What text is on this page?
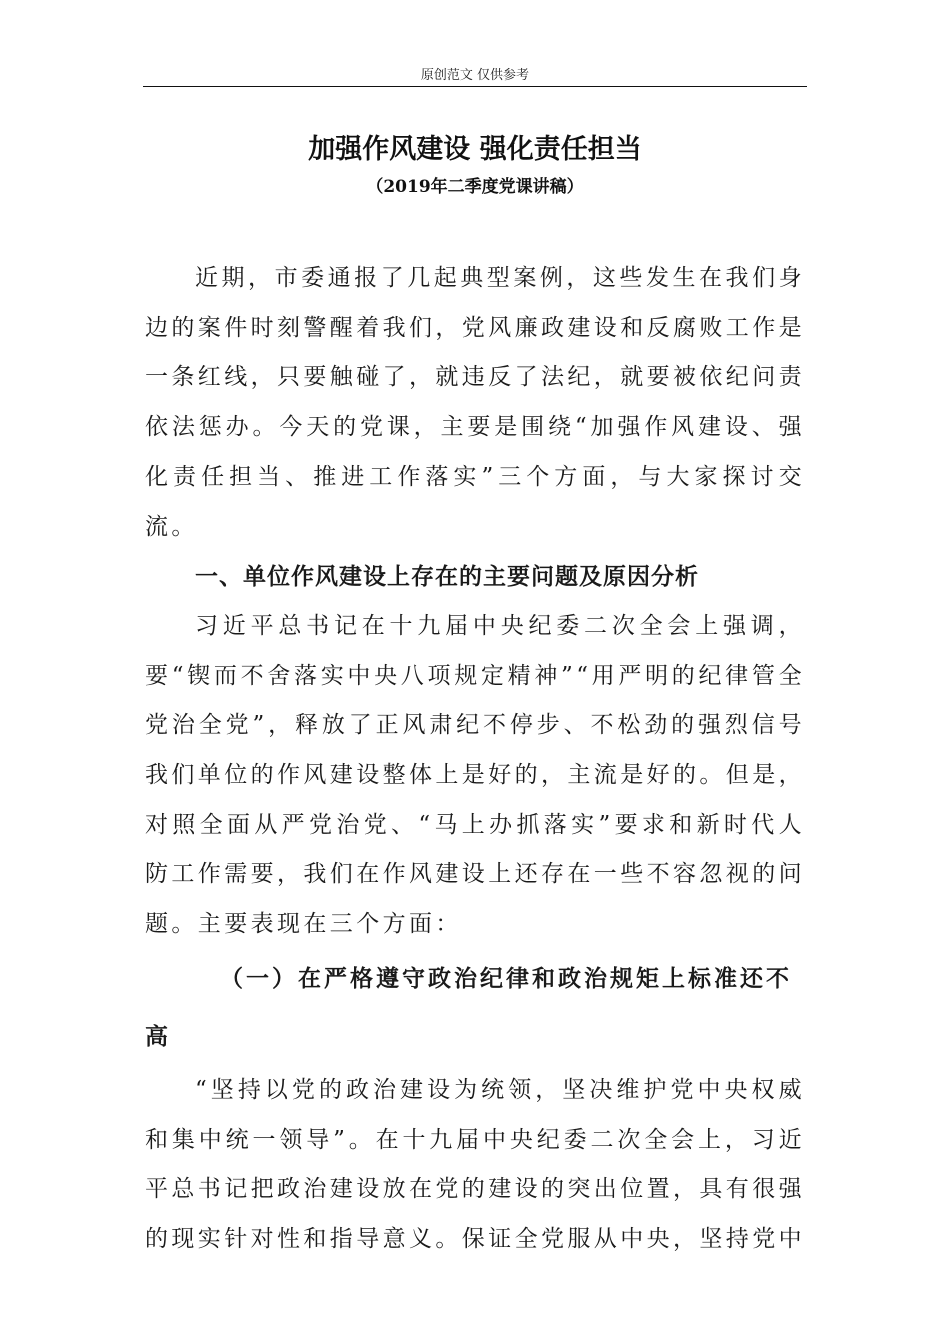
原创范文 仅供参考
加强作风建设 强化责任担当
（2019年二季度党课讲稿）

近期，市委通报了几起典型案例，这些发生在我们身边的案件时刻警醒着我们，党风廉政建设和反腐败工作是一条红线，只要触碰了，就违反了法纪，就要被依纪问责依法惩办。今天的党课，主要是围绕“加强作风建设、强化责任担当、推进工作落实”三个方面，与大家探讨交流。

一、单位作风建设上存在的主要问题及原因分析

习近平总书记在十九届中央纪委二次全会上强调，要“锲而不舍落实中央八项规定精神”“用严明的纪律管全党治全党”，释放了正风肃纪不停步、不松劲的强烈信号我们单位的作风建设整体上是好的，主流是好的。但是，对照全面从严党治党、“马上办抓落实”要求和新时代人防工作需要，我们在作风建设上还存在一些不容忽视的问题。主要表现在三个方面：

（一）在严格遵守政治纪律和政治规矩上标准还不高

“坚持以党的政治建设为统领，坚决维护党中央权威和集中统一领导”。在十九届中央纪委二次全会上，习近平总书记把政治建设放在党的建设的突出位置，具有很强的现实针对性和指导意义。保证全党服从中央，坚持党中
